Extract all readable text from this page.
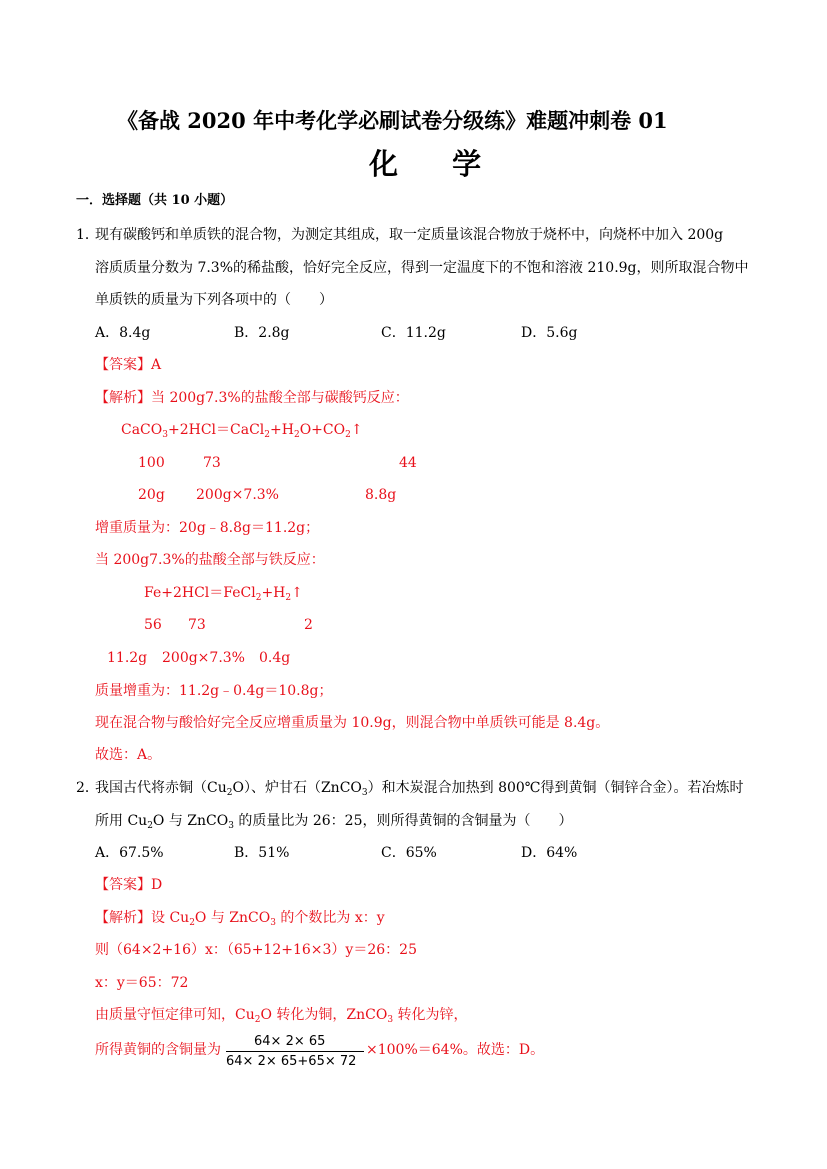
《备战 2020 年中考化学必刷试卷分级练》难题冲刺卷 01
化 学
一．选择题（共 10 小题）
1．
现有碳酸钙和单质铁的混合物，为测定其组成，取一定质量该混合物放于烧杯中，向烧杯中加入 200g
溶质质量分数为 7.3%的稀盐酸，恰好完全反应，得到一定温度下的不饱和溶液 210.9g，则所取混合物中
单质铁的质量为下列各项中的（　　）
A．8.4g	B．2.8g	C．11.2g	D．5.6g
【答案】A
【解析】当 200g7.3%的盐酸全部与碳酸钙反应：
$CaCO_3+2HCl=CaCl_2+H_2O+CO_2↑$
100	73	44
20g 200g×7.3%	8.8g
增重质量为：20g﹣8.8g＝11.2g；
当 200g7.3%的盐酸全部与铁反应：
$Fe+2HCl=FeCl_2+H_2↑$
56 73	2
11.2g 200g×7.3% 0.4g
质量增重为：11.2g﹣0.4g＝10.8g；
现在混合物与酸恰好完全反应增重质量为 10.9g，则混合物中单质铁可能是 8.4g。
故选：A。
2．
我国古代将赤铜$(Cu_2O)$、炉甘石（ZnCO$_3$）和木炭混合加热到 800℃得到黄铜（铜锌合金）。若冶炼时
所用 $Cu_2O$ 与 ZnCO$_3$ 的质量比为 26：25，则所得黄铜的含铜量为（　　）
A．67.5%	B．51%	C．65%	D．64%
【答案】D
【解析】设 $Cu_2O$ 与 ZnCO$_3$ 的个数比为 x：y
则（64×2+16）x：（65+12+16×3）y＝26：25
x：y＝65：72
由质量守恒定律可知，$Cu_2O$ 转化为铜，ZnCO$_3$ 转化为锌，
所得黄铜的含铜量为
64× 2× 65
64× 2× 65+65× 72
×100%＝64%。故选：D。
